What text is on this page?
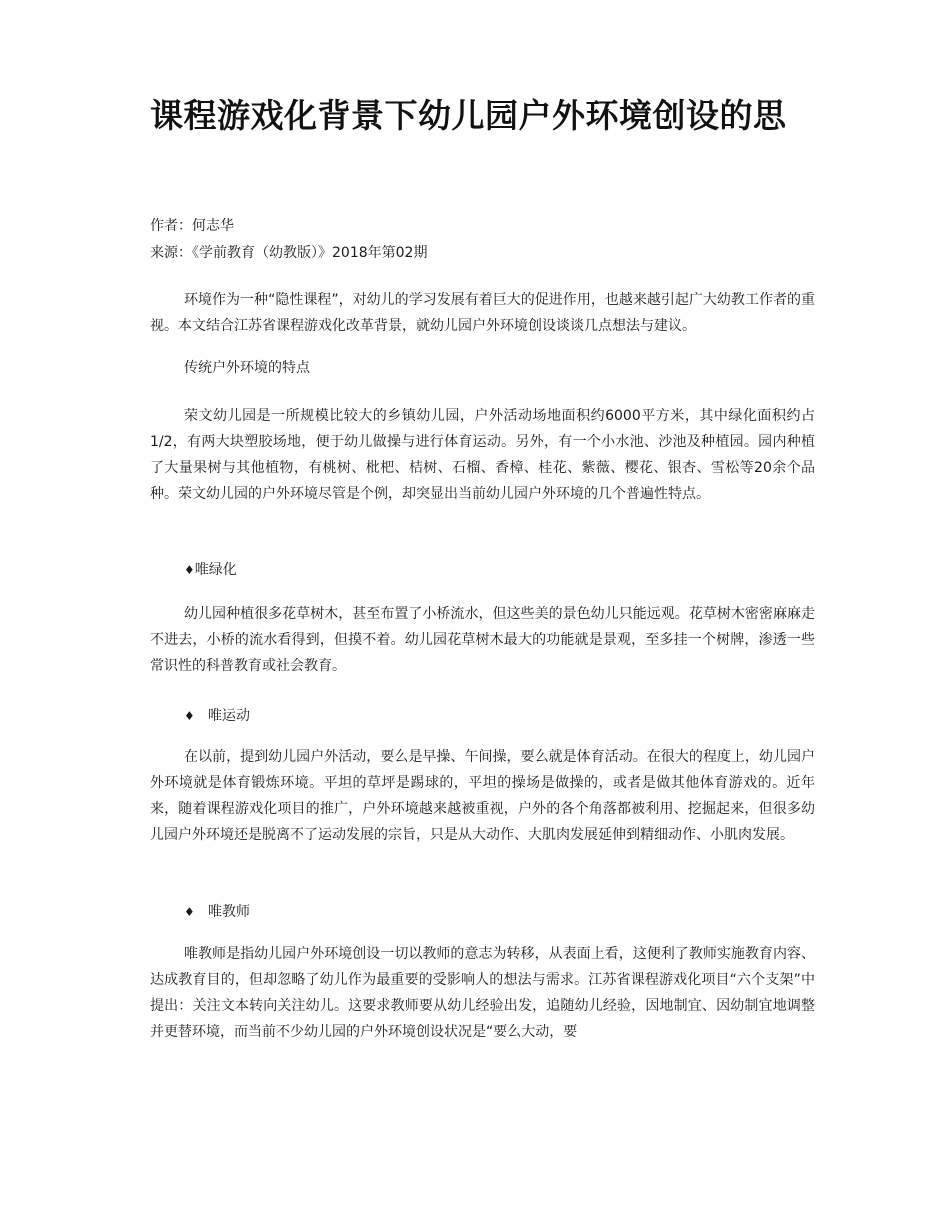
课程游戏化背景下幼儿园户外环境创设的思

作者：何志华

来源：《学前教育（幼教版）》2018年第02期

环境作为一种“隐性课程”，对幼儿的学习发展有着巨大的促进作用，也越来越引起广大幼教工作者的重视。本文结合江苏省课程游戏化改革背景，就幼儿园户外环境创设谈谈几点想法与建议。

传统户外环境的特点

荣文幼儿园是一所规模比较大的乡镇幼儿园，户外活动场地面积约6000平方米，其中绿化面积约占1/2，有两大块塑胶场地，便于幼儿做操与进行体育运动。另外，有一个小水池、沙池及种植园。园内种植了大量果树与其他植物，有桃树、枇杷、桔树、石榴、香樟、桂花、紫薇、樱花、银杏、雪松等20余个品种。荣文幼儿园的户外环境尽管是个例，却突显出当前幼儿园户外环境的几个普遍性特点。

♦唯绿化

幼儿园种植很多花草树木，甚至布置了小桥流水，但这些美的景色幼儿只能远观。花草树木密密麻麻走不进去，小桥的流水看得到，但摸不着。幼儿园花草树木最大的功能就是景观，至多挂一个树牌，渗透一些常识性的科普教育或社会教育。

♦ 唯运动

在以前，提到幼儿园户外活动，要么是早操、午间操，要么就是体育活动。在很大的程度上，幼儿园户外环境就是体育锻炼环境。平坦的草坪是踢球的，平坦的操场是做操的，或者是做其他体育游戏的。近年来，随着课程游戏化项目的推广，户外环境越来越被重视，户外的各个角落都被利用、挖掘起来，但很多幼儿园户外环境还是脱离不了运动发展的宗旨，只是从大动作、大肌肉发展延伸到精细动作、小肌肉发展。

♦ 唯教师

唯教师是指幼儿园户外环境创设一切以教师的意志为转移，从表面上看，这便利了教师实施教育内容、达成教育目的，但却忽略了幼儿作为最重要的受影响人的想法与需求。江苏省课程游戏化项目“六个支架”中提出：关注文本转向关注幼儿。这要求教师要从幼儿经验出发，追随幼儿经验，因地制宜、因幼制宜地调整并更替环境，而当前不少幼儿园的户外环境创设状况是“要么大动，要
